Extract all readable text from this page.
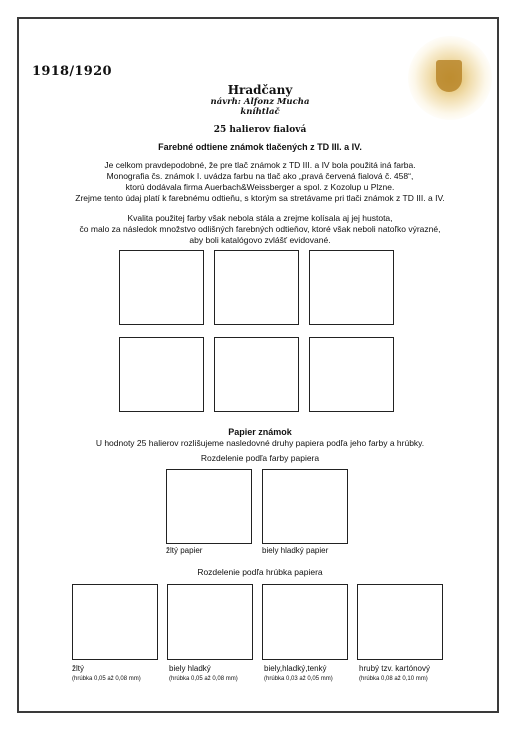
1918/1920
Hradčany
návrh: Alfonz Mucha
kníhtlač
25 halierov fialová
Farebné odtiene známok tlačených z TD III. a IV.
Je celkom pravdepodobné, že pre tlač známok z TD III. a IV bola použitá iná farba.
Monografia čs. známok I. uvádza farbu na tlač ako „pravá červená fialová č. 458“,
ktorú dodávala firma Auerbach&Weissberger a spol. z Kozolup u Plzne.
Zrejme tento údaj platí k farebnému odtieňu, s ktorým sa stretávame pri tlači známok z TD III. a IV.
Kvalita použitej farby však nebola stála a zrejme kolísala aj jej hustota,
čo malo za následok množstvo odlišných farebných odtieňov, ktoré však neboli natoľko výrazné,
aby boli katalógovo zvlášť evidované.
Papier známok
U hodnoty 25 halierov rozlišujeme nasledovné druhy papiera podľa jeho farby a hrúbky.
Rozdelenie podľa farby papiera
žltý papier	biely hladký papier
Rozdelenie podľa hrúbka papiera
žltý	biely hladký	biely,hladký,tenký	hrubý tzv. kartónový
(hrúbka 0,05 až 0,08 mm)	(hrúbka 0,05 až 0,08 mm)	(hrúbka 0,03 až 0,05 mm)	(hrúbka 0,08 až 0,10 mm)
